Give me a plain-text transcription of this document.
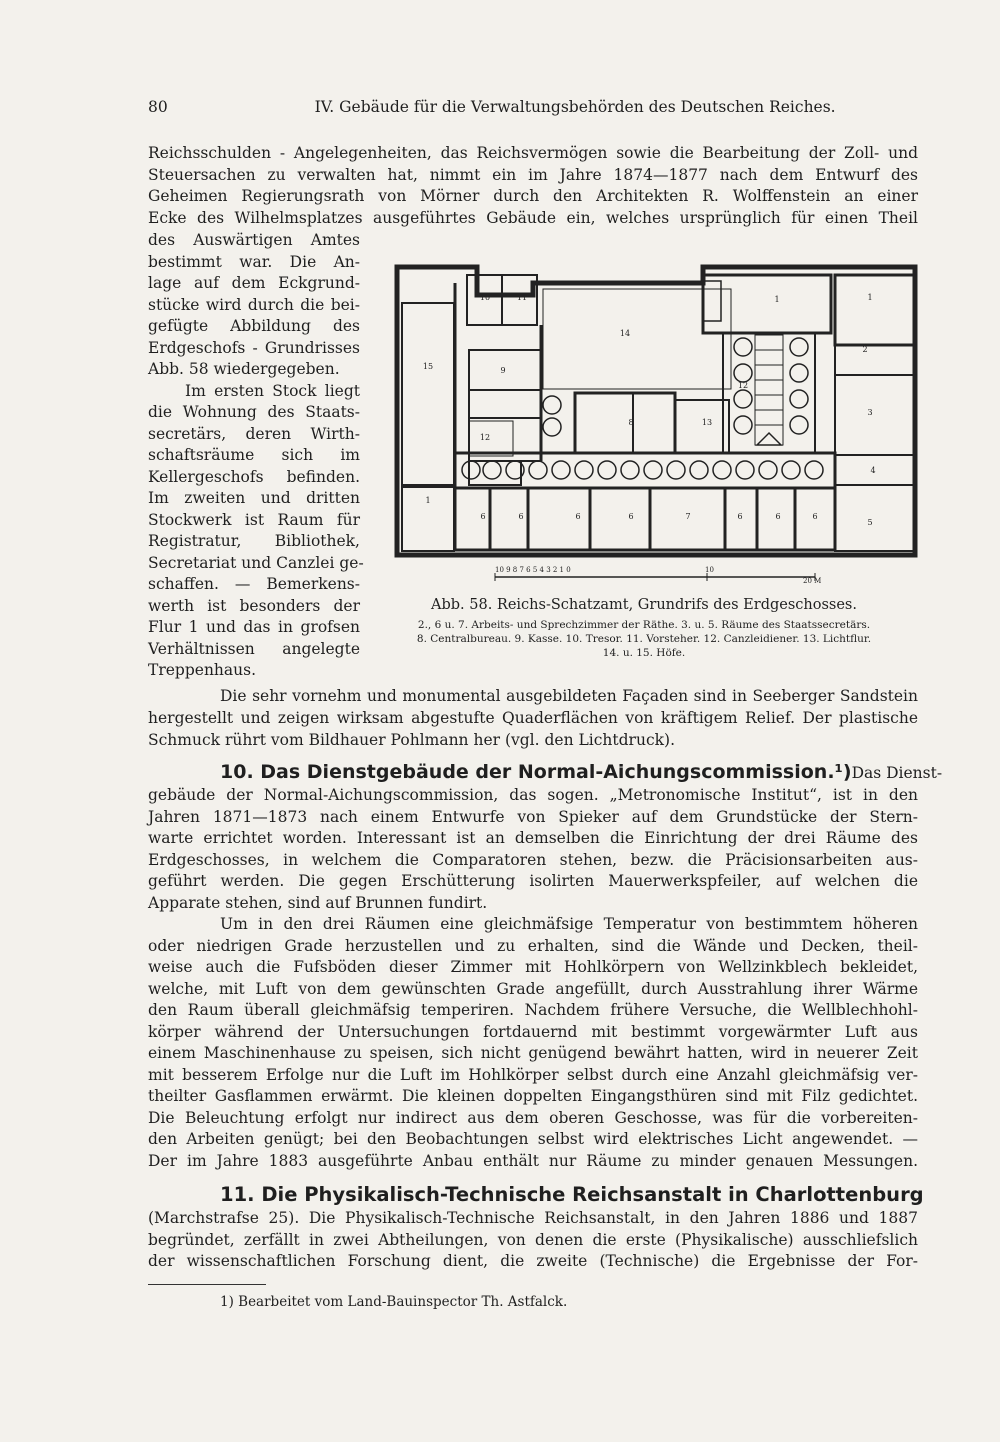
80	IV. Gebäude für die Verwaltungsbehörden des Deutschen Reiches.
Reichsschulden - Angelegenheiten, das Reichsvermögen sowie die Bearbeitung der Zoll- und
Steuersachen zu verwalten hat, nimmt ein im Jahre 1874—1877 nach dem Entwurf des
Geheimen Regierungsrath von Mörner durch den Architekten R. Wolffenstein an einer
Ecke des Wilhelmsplatzes ausgeführtes Gebäude ein, welches ursprünglich für einen Theil
des Auswärtigen Amtes
bestimmt war. Die An-
lage auf dem Eckgrund-
stücke wird durch die bei-
gefügte Abbildung des
Erdgeschofs - Grundrisses
Abb. 58 wiedergegeben.
Im ersten Stock liegt
die Wohnung des Staats-
secretärs, deren Wirth-
schaftsräume sich im
Kellergeschofs befinden.
Im zweiten und dritten
Stockwerk ist Raum für
Registratur, Bibliothek,
Secretariat und Canzlei ge-
schaffen. — Bemerkens-
werth ist besonders der
Flur 1 und das in grofsen
Verhältnissen angelegte
Treppenhaus.
1
1	1
2
3
4
5
6	6	6	6	6	6	6
7
8
9
10	11
12
12
13
14
15
10 9 8 7 6 5 4 3 2 1 0	10
20 M
Abb. 58. Reichs-Schatzamt, Grundrifs des Erdgeschosses.
2., 6 u. 7. Arbeits- und Sprechzimmer der Räthe. 3. u. 5. Räume des Staatssecretärs.
8. Centralbureau. 9. Kasse. 10. Tresor. 11. Vorsteher. 12. Canzleidiener. 13. Lichtflur.
14. u. 15. Höfe.
Die sehr vornehm und monumental ausgebildeten Façaden sind in Seeberger Sandstein
hergestellt und zeigen wirksam abgestufte Quaderflächen von kräftigem Relief. Der plastische
Schmuck rührt vom Bildhauer Pohlmann her (vgl. den Lichtdruck).
10. Das Dienstgebäude der Normal-Aichungscommission.¹) Das Dienst-
gebäude der Normal-Aichungscommission, das sogen. „Metronomische Institut“, ist in den
Jahren 1871—1873 nach einem Entwurfe von Spieker auf dem Grundstücke der Stern-
warte errichtet worden. Interessant ist an demselben die Einrichtung der drei Räume des
Erdgeschosses, in welchem die Comparatoren stehen, bezw. die Präcisionsarbeiten aus-
geführt werden. Die gegen Erschütterung isolirten Mauerwerkspfeiler, auf welchen die
Apparate stehen, sind auf Brunnen fundirt.
Um in den drei Räumen eine gleichmäfsige Temperatur von bestimmtem höheren
oder niedrigen Grade herzustellen und zu erhalten, sind die Wände und Decken, theil-
weise auch die Fufsböden dieser Zimmer mit Hohlkörpern von Wellzinkblech bekleidet,
welche, mit Luft von dem gewünschten Grade angefüllt, durch Ausstrahlung ihrer Wärme
den Raum überall gleichmäfsig temperiren. Nachdem frühere Versuche, die Wellblechhohl-
körper während der Untersuchungen fortdauernd mit bestimmt vorgewärmter Luft aus
einem Maschinenhause zu speisen, sich nicht genügend bewährt hatten, wird in neuerer Zeit
mit besserem Erfolge nur die Luft im Hohlkörper selbst durch eine Anzahl gleichmäfsig ver-
theilter Gasflammen erwärmt. Die kleinen doppelten Eingangsthüren sind mit Filz gedichtet.
Die Beleuchtung erfolgt nur indirect aus dem oberen Geschosse, was für die vorbereiten-
den Arbeiten genügt; bei den Beobachtungen selbst wird elektrisches Licht angewendet. —
Der im Jahre 1883 ausgeführte Anbau enthält nur Räume zu minder genauen Messungen.
11. Die Physikalisch-Technische Reichsanstalt in Charlottenburg
(Marchstrafse 25). Die Physikalisch-Technische Reichsanstalt, in den Jahren 1886 und 1887
begründet, zerfällt in zwei Abtheilungen, von denen die erste (Physikalische) ausschliefslich
der wissenschaftlichen Forschung dient, die zweite (Technische) die Ergebnisse der For-
1) Bearbeitet vom Land-Bauinspector Th. Astfalck.
